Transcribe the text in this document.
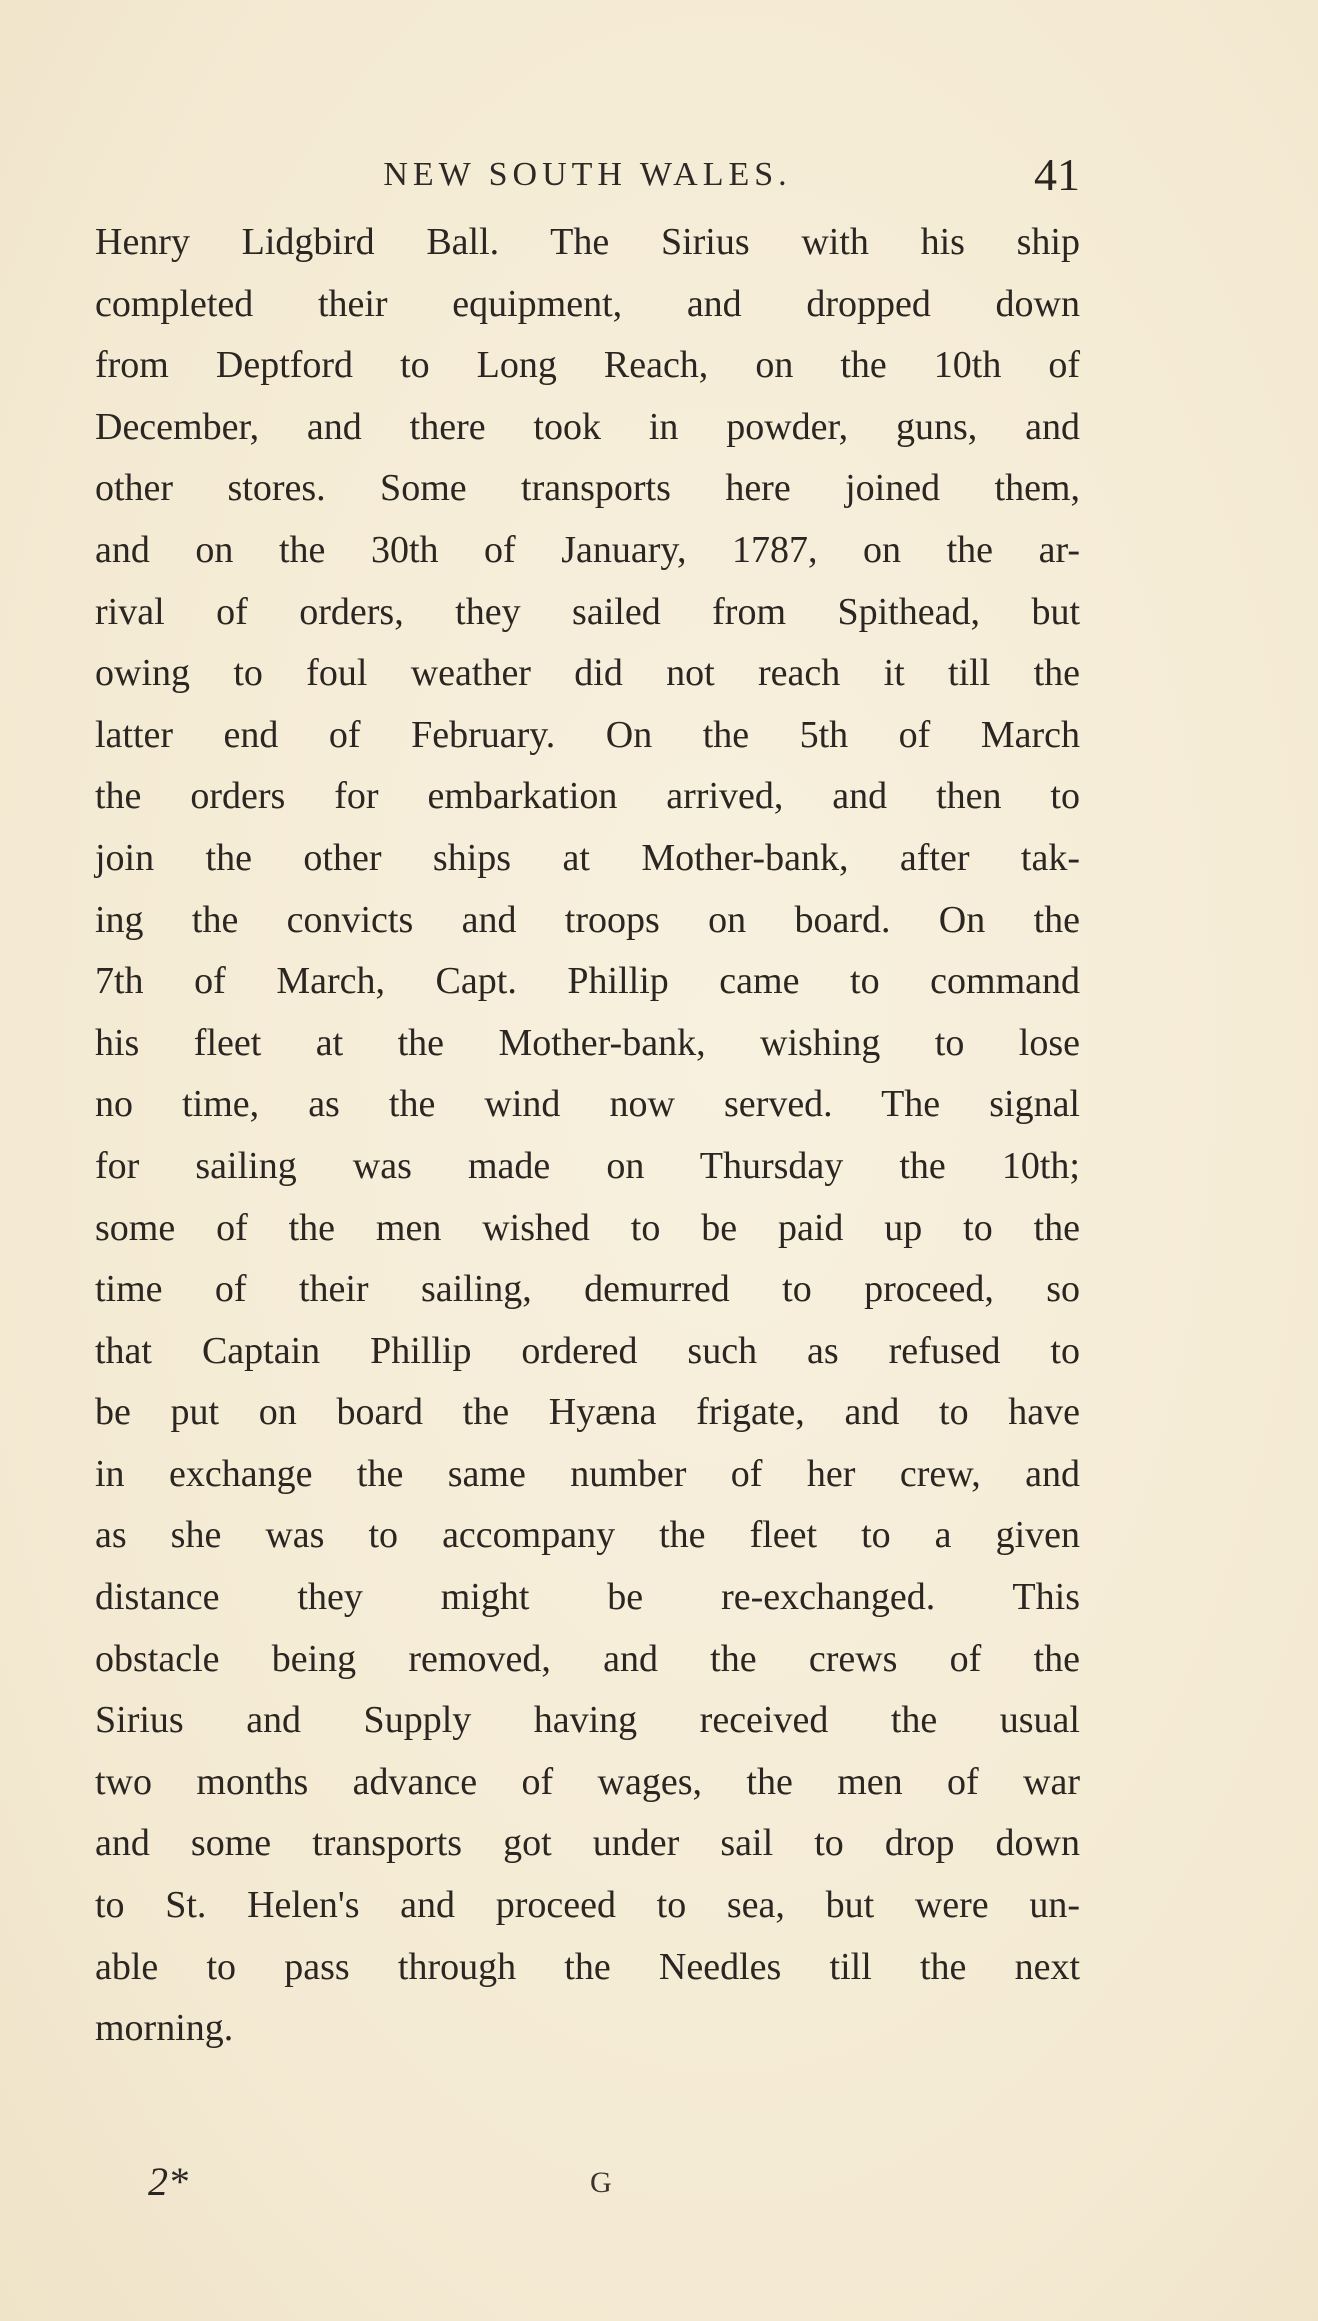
NEW SOUTH WALES.	41
Henry Lidgbird Ball. The Sirius with his ship
completed their equipment, and dropped down
from Deptford to Long Reach, on the 10th of
December, and there took in powder, guns, and
other stores. Some transports here joined them,
and on the 30th of January, 1787, on the ar-
rival of orders, they sailed from Spithead, but
owing to foul weather did not reach it till the
latter end of February. On the 5th of March
the orders for embarkation arrived, and then to
join the other ships at Mother-bank, after tak-
ing the convicts and troops on board. On the
7th of March, Capt. Phillip came to command
his fleet at the Mother-bank, wishing to lose
no time, as the wind now served. The signal
for sailing was made on Thursday the 10th;
some of the men wished to be paid up to the
time of their sailing, demurred to proceed, so
that Captain Phillip ordered such as refused to
be put on board the Hyæna frigate, and to have
in exchange the same number of her crew, and
as she was to accompany the fleet to a given
distance they might be re-exchanged. This
obstacle being removed, and the crews of the
Sirius and Supply having received the usual
two months advance of wages, the men of war
and some transports got under sail to drop down
to St. Helen's and proceed to sea, but were un-
able to pass through the Needles till the next
morning.
2*	G
